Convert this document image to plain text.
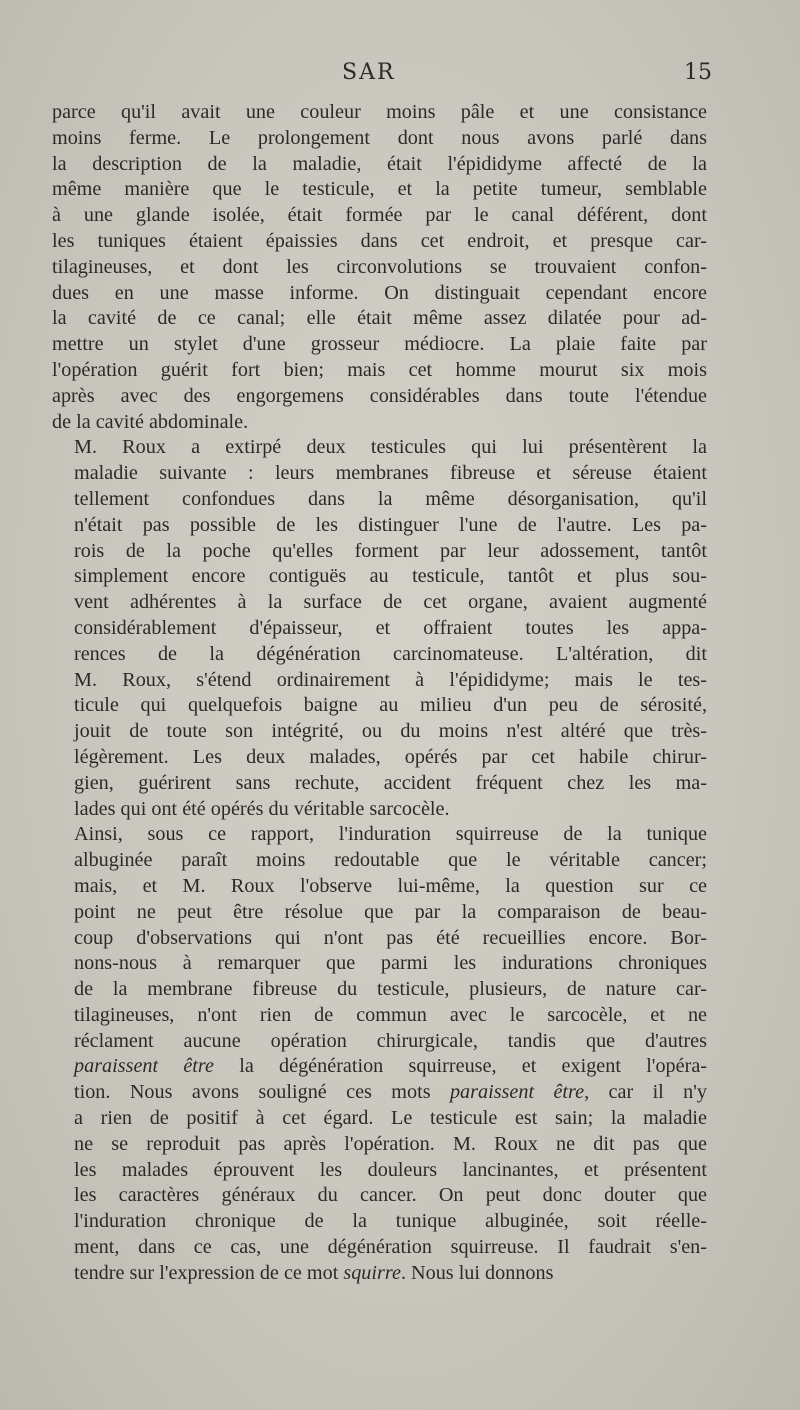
SAR	15
parce qu'il avait une couleur moins pâle et une consistance
moins ferme. Le prolongement dont nous avons parlé dans
la description de la maladie, était l'épididyme affecté de la
même manière que le testicule, et la petite tumeur, semblable
à une glande isolée, était formée par le canal déférent, dont
les tuniques étaient épaissies dans cet endroit, et presque car-
tilagineuses, et dont les circonvolutions se trouvaient confon-
dues en une masse informe. On distinguait cependant encore
la cavité de ce canal; elle était même assez dilatée pour ad-
mettre un stylet d'une grosseur médiocre. La plaie faite par
l'opération guérit fort bien; mais cet homme mourut six mois
après avec des engorgemens considérables dans toute l'étendue
de la cavité abdominale.
M. Roux a extirpé deux testicules qui lui présentèrent la
maladie suivante : leurs membranes fibreuse et séreuse étaient
tellement confondues dans la même désorganisation, qu'il
n'était pas possible de les distinguer l'une de l'autre. Les pa-
rois de la poche qu'elles forment par leur adossement, tantôt
simplement encore contiguës au testicule, tantôt et plus sou-
vent adhérentes à la surface de cet organe, avaient augmenté
considérablement d'épaisseur, et offraient toutes les appa-
rences de la dégénération carcinomateuse. L'altération, dit
M. Roux, s'étend ordinairement à l'épididyme; mais le tes-
ticule qui quelquefois baigne au milieu d'un peu de sérosité,
jouit de toute son intégrité, ou du moins n'est altéré que très-
légèrement. Les deux malades, opérés par cet habile chirur-
gien, guérirent sans rechute, accident fréquent chez les ma-
lades qui ont été opérés du véritable sarcocèle.
Ainsi, sous ce rapport, l'induration squirreuse de la tunique
albuginée paraît moins redoutable que le véritable cancer;
mais, et M. Roux l'observe lui-même, la question sur ce
point ne peut être résolue que par la comparaison de beau-
coup d'observations qui n'ont pas été recueillies encore. Bor-
nons-nous à remarquer que parmi les indurations chroniques
de la membrane fibreuse du testicule, plusieurs, de nature car-
tilagineuses, n'ont rien de commun avec le sarcocèle, et ne
réclament aucune opération chirurgicale, tandis que d'autres
paraissent être la dégénération squirreuse, et exigent l'opéra-
tion. Nous avons souligné ces mots paraissent être, car il n'y
a rien de positif à cet égard. Le testicule est sain; la maladie
ne se reproduit pas après l'opération. M. Roux ne dit pas que
les malades éprouvent les douleurs lancinantes, et présentent
les caractères généraux du cancer. On peut donc douter que
l'induration chronique de la tunique albuginée, soit réelle-
ment, dans ce cas, une dégénération squirreuse. Il faudrait s'en-
tendre sur l'expression de ce mot squirre. Nous lui donnons
